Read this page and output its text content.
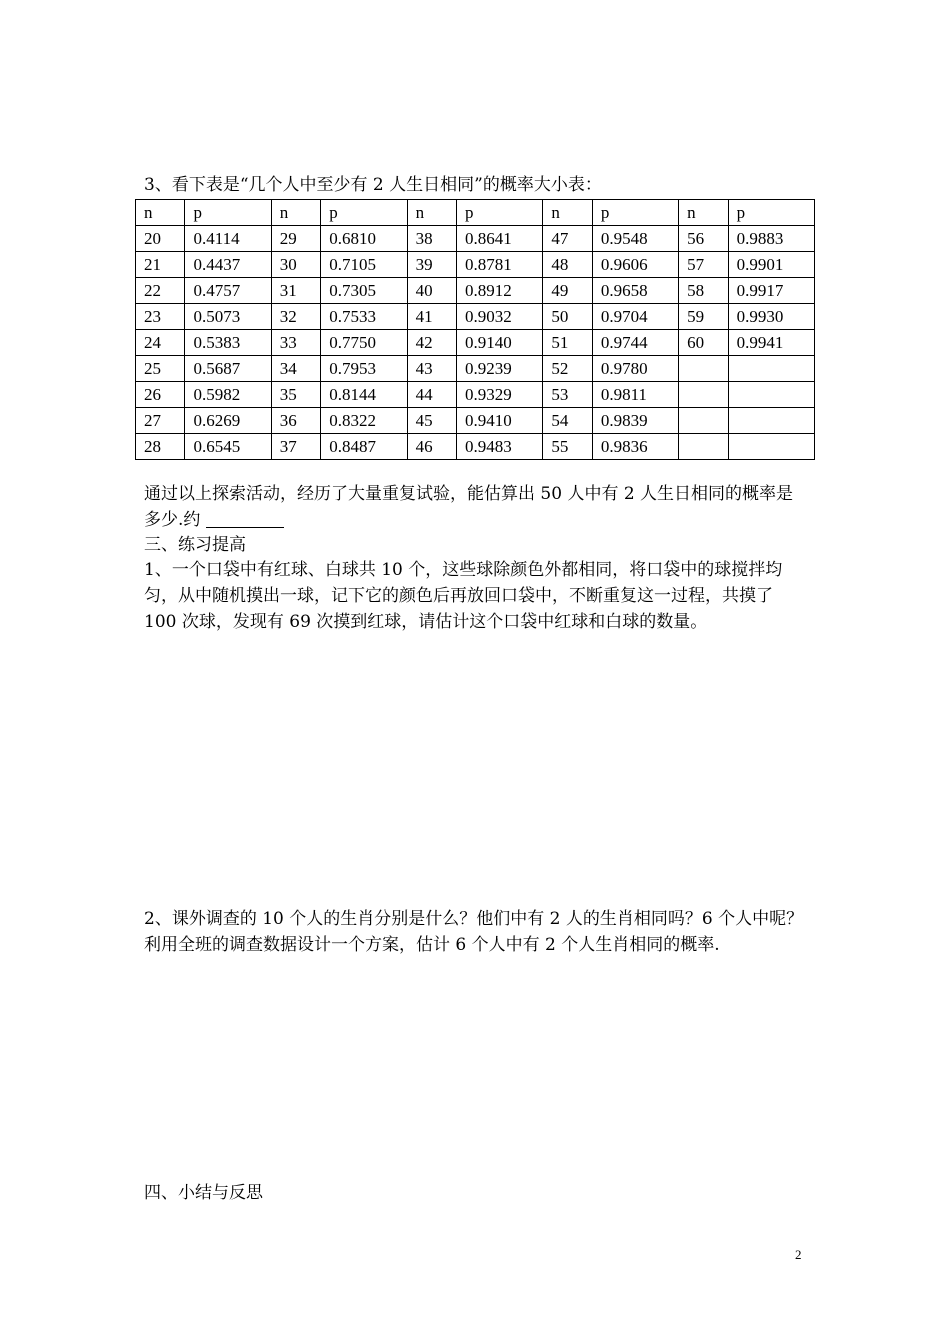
3、看下表是“几个人中至少有 2 人生日相同”的概率大小表：
n	p	n	p	n	p	n	p	n	p
20	0.4114	29	0.6810	38	0.8641	47	0.9548	56	0.9883
21	0.4437	30	0.7105	39	0.8781	48	0.9606	57	0.9901
22	0.4757	31	0.7305	40	0.8912	49	0.9658	58	0.9917
23	0.5073	32	0.7533	41	0.9032	50	0.9704	59	0.9930
24	0.5383	33	0.7750	42	0.9140	51	0.9744	60	0.9941
25	0.5687	34	0.7953	43	0.9239	52	0.9780		
26	0.5982	35	0.8144	44	0.9329	53	0.9811		
27	0.6269	36	0.8322	45	0.9410	54	0.9839		
28	0.6545	37	0.8487	46	0.9483	55	0.9836		
通过以上探索活动，经历了大量重复试验，能估算出 50 人中有 2 人生日相同的概率是多少.约
三、练习提高
1、一个口袋中有红球、白球共 10 个，这些球除颜色外都相同，将口袋中的球搅拌均匀，从中随机摸出一球，记下它的颜色后再放回口袋中，不断重复这一过程，共摸了 100 次球，发现有 69 次摸到红球，请估计这个口袋中红球和白球的数量。
2、课外调查的 10 个人的生肖分别是什么？他们中有 2 人的生肖相同吗？6 个人中呢？利用全班的调查数据设计一个方案，估计 6 个人中有 2 个人生肖相同的概率.
四、小结与反思
2
